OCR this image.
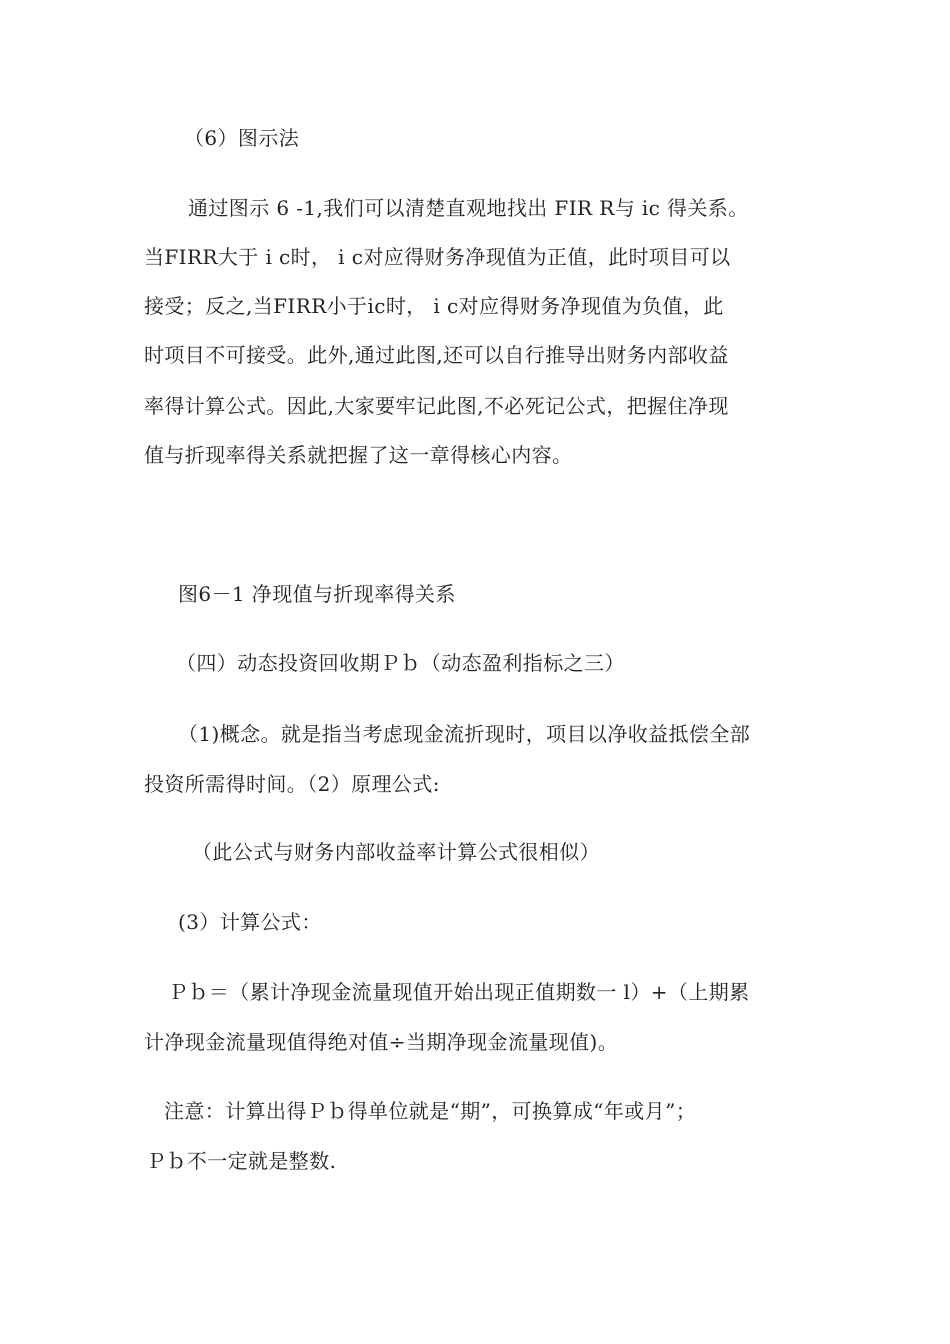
（6）图示法
通过图示 6 -1,我们可以清楚直观地找出 FIR R与 ic 得关系。
当FIRR大于 i c时， i c对应得财务净现值为正值，此时项目可以
接受；反之,当FIRR小于ic时， i c对应得财务净现值为负值，此
时项目不可接受。此外,通过此图,还可以自行推导出财务内部收益
率得计算公式。因此,大家要牢记此图,不必死记公式，把握住净现
值与折现率得关系就把握了这一章得核心内容。
图6－1 净现值与折现率得关系
（四）动态投资回收期Ｐｂ（动态盈利指标之三）
（1)概念。就是指当考虑现金流折现时，项目以净收益抵偿全部
投资所需得时间。（2）原理公式:
（此公式与财务内部收益率计算公式很相似）
(3）计算公式：
Ｐｂ＝（累计净现金流量现值开始出现正值期数一 l）+（上期累
计净现金流量现值得绝对值÷当期净现金流量现值)。
注意：计算出得Ｐｂ得单位就是“期”，可换算成“年或月”；
Ｐｂ不一定就是整数.
